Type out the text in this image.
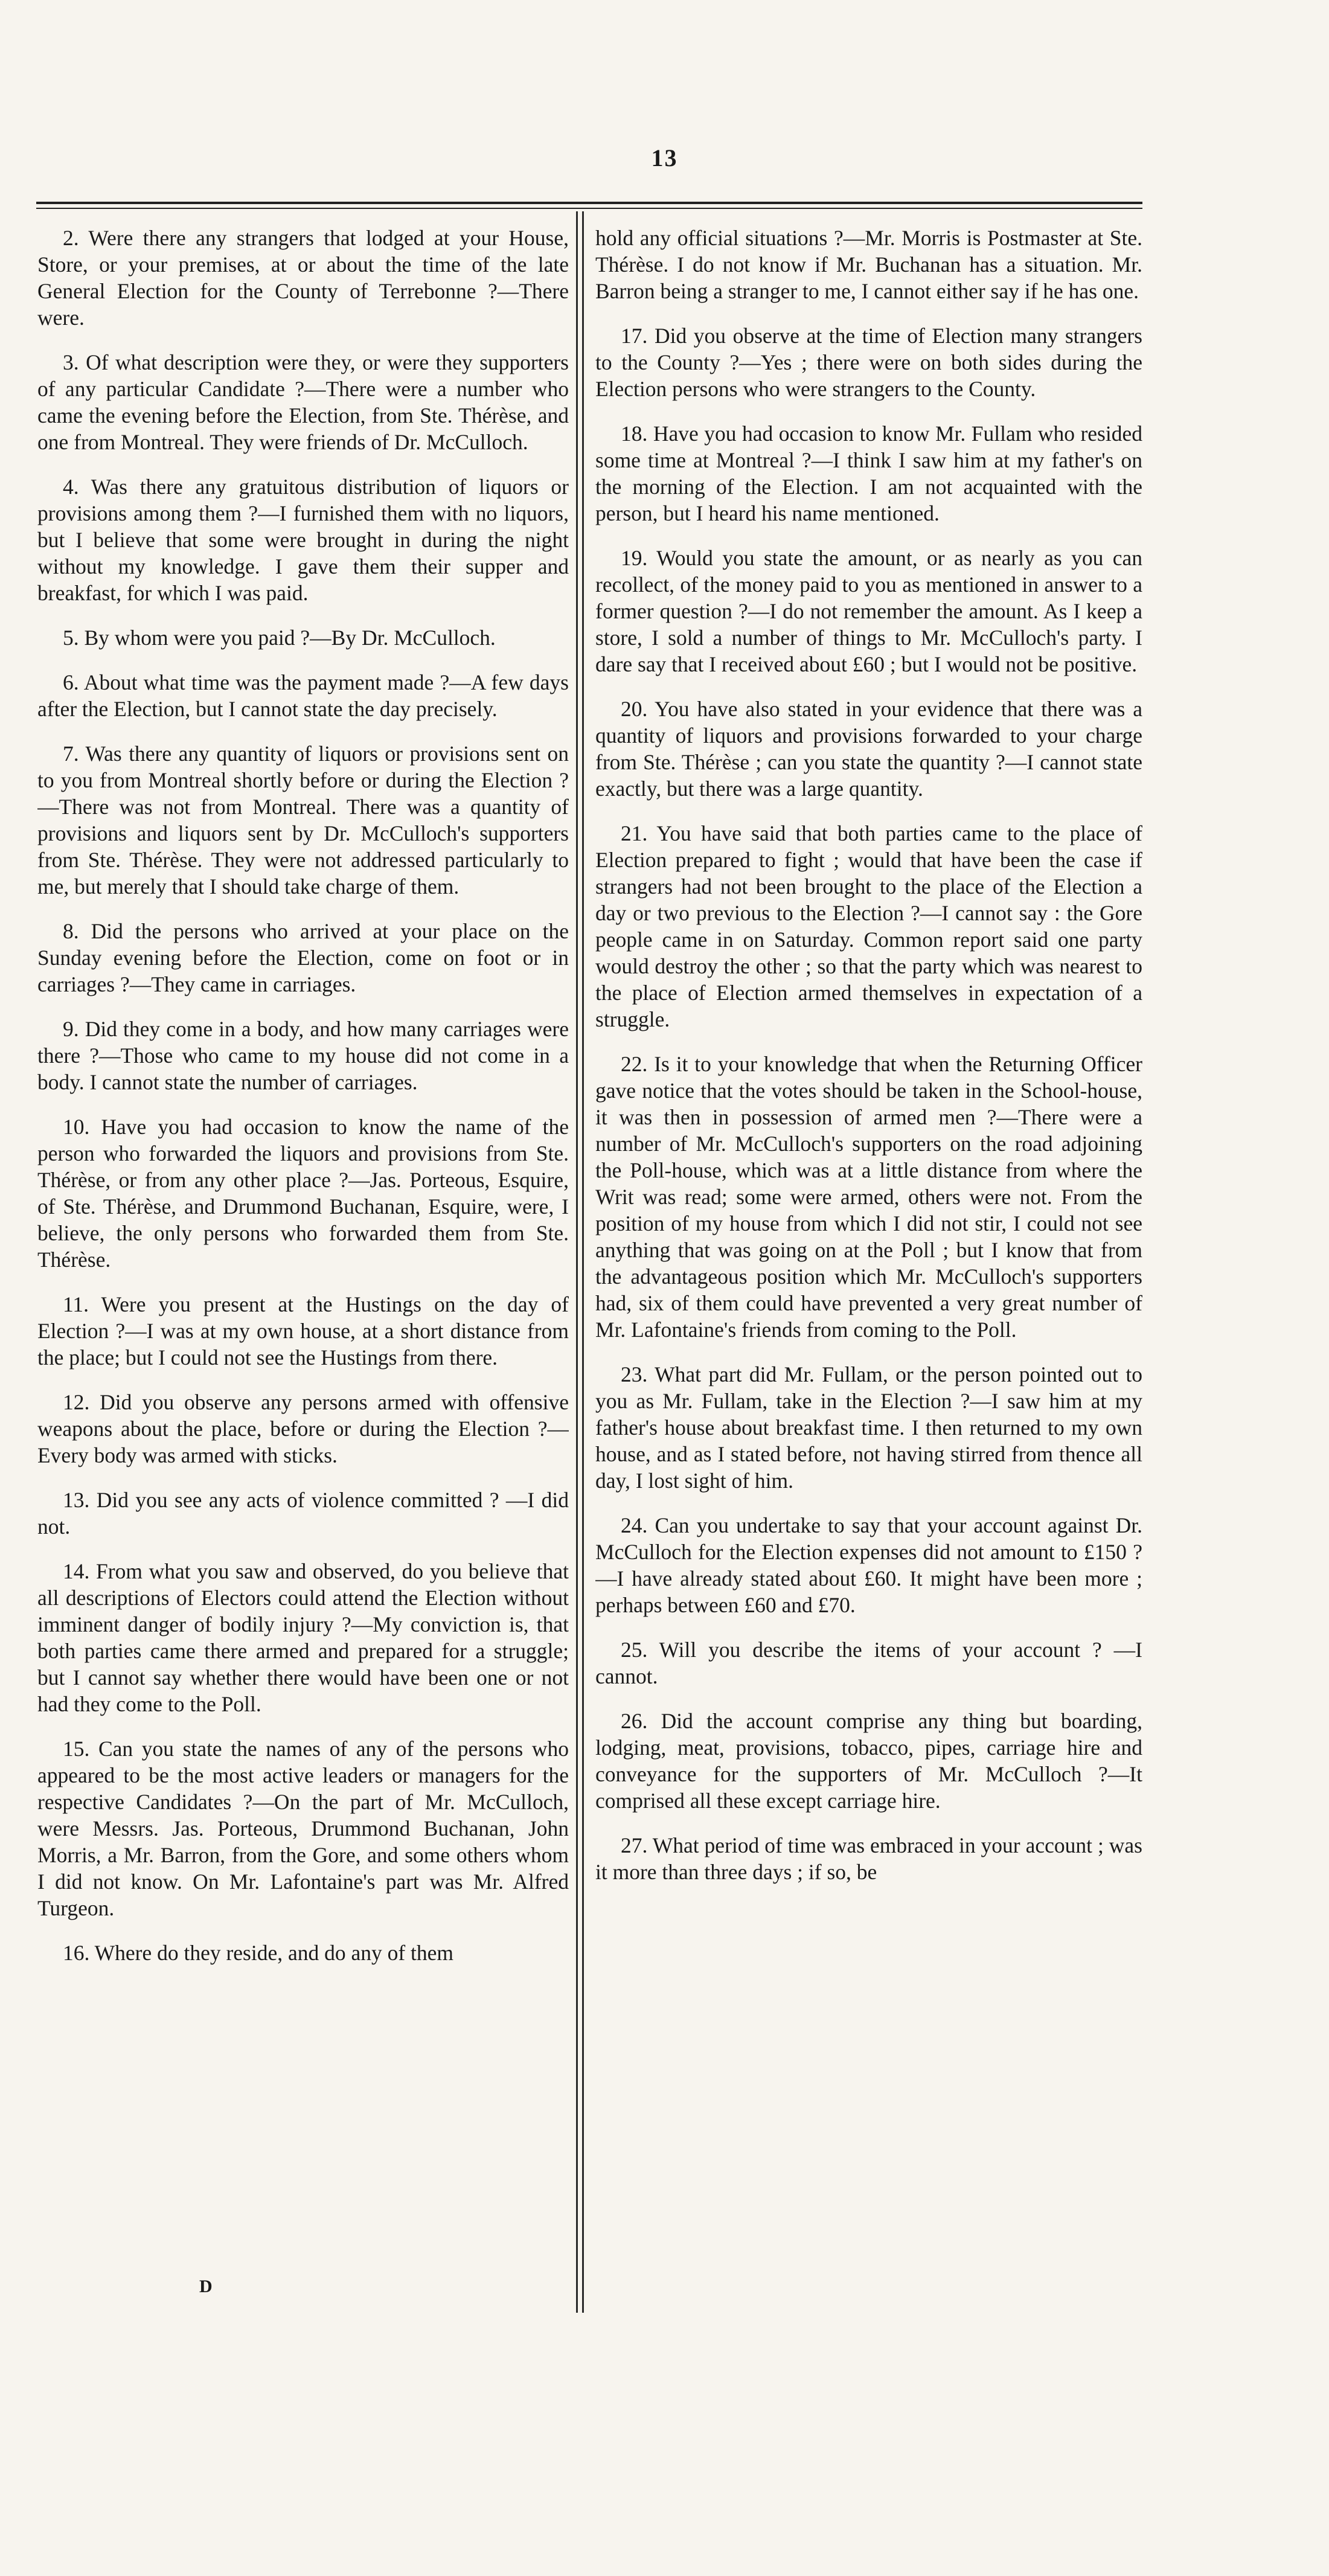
13

2. Were there any strangers that lodged at your House, Store, or your premises, at or about the time of the late General Election for the County of Terrebonne ?—There were.

3. Of what description were they, or were they supporters of any particular Candidate ?—There were a number who came the evening before the Election, from Ste. Thérèse, and one from Montreal. They were friends of Dr. McCulloch.

4. Was there any gratuitous distribution of liquors or provisions among them ?—I furnished them with no liquors, but I believe that some were brought in during the night without my knowledge. I gave them their supper and breakfast, for which I was paid.

5. By whom were you paid ?—By Dr. McCulloch.

6. About what time was the payment made ?—A few days after the Election, but I cannot state the day precisely.

7. Was there any quantity of liquors or provisions sent on to you from Montreal shortly before or during the Election ?—There was not from Montreal. There was a quantity of provisions and liquors sent by Dr. McCulloch's supporters from Ste. Thérèse. They were not addressed particularly to me, but merely that I should take charge of them.

8. Did the persons who arrived at your place on the Sunday evening before the Election, come on foot or in carriages ?—They came in carriages.

9. Did they come in a body, and how many carriages were there ?—Those who came to my house did not come in a body. I cannot state the number of carriages.

10. Have you had occasion to know the name of the person who forwarded the liquors and provisions from Ste. Thérèse, or from any other place ?—Jas. Porteous, Esquire, of Ste. Thérèse, and Drummond Buchanan, Esquire, were, I believe, the only persons who forwarded them from Ste. Thérèse.

11. Were you present at the Hustings on the day of Election ?—I was at my own house, at a short distance from the place; but I could not see the Hustings from there.

12. Did you observe any persons armed with offensive weapons about the place, before or during the Election ?—Every body was armed with sticks.

13. Did you see any acts of violence committed ? —I did not.

14. From what you saw and observed, do you believe that all descriptions of Electors could attend the Election without imminent danger of bodily injury ?—My conviction is, that both parties came there armed and prepared for a struggle; but I cannot say whether there would have been one or not had they come to the Poll.

15. Can you state the names of any of the persons who appeared to be the most active leaders or managers for the respective Candidates ?—On the part of Mr. McCulloch, were Messrs. Jas. Porteous, Drummond Buchanan, John Morris, a Mr. Barron, from the Gore, and some others whom I did not know. On Mr. Lafontaine's part was Mr. Alfred Turgeon.

16. Where do they reside, and do any of them

D

hold any official situations ?—Mr. Morris is Postmaster at Ste. Thérèse. I do not know if Mr. Buchanan has a situation. Mr. Barron being a stranger to me, I cannot either say if he has one.

17. Did you observe at the time of Election many strangers to the County ?—Yes ; there were on both sides during the Election persons who were strangers to the County.

18. Have you had occasion to know Mr. Fullam who resided some time at Montreal ?—I think I saw him at my father's on the morning of the Election. I am not acquainted with the person, but I heard his name mentioned.

19. Would you state the amount, or as nearly as you can recollect, of the money paid to you as mentioned in answer to a former question ?—I do not remember the amount. As I keep a store, I sold a number of things to Mr. McCulloch's party. I dare say that I received about £60 ; but I would not be positive.

20. You have also stated in your evidence that there was a quantity of liquors and provisions forwarded to your charge from Ste. Thérèse ; can you state the quantity ?—I cannot state exactly, but there was a large quantity.

21. You have said that both parties came to the place of Election prepared to fight ; would that have been the case if strangers had not been brought to the place of the Election a day or two previous to the Election ?—I cannot say : the Gore people came in on Saturday. Common report said one party would destroy the other ; so that the party which was nearest to the place of Election armed themselves in expectation of a struggle.

22. Is it to your knowledge that when the Returning Officer gave notice that the votes should be taken in the School-house, it was then in possession of armed men ?—There were a number of Mr. McCulloch's supporters on the road adjoining the Poll-house, which was at a little distance from where the Writ was read; some were armed, others were not. From the position of my house from which I did not stir, I could not see anything that was going on at the Poll ; but I know that from the advantageous position which Mr. McCulloch's supporters had, six of them could have prevented a very great number of Mr. Lafontaine's friends from coming to the Poll.

23. What part did Mr. Fullam, or the person pointed out to you as Mr. Fullam, take in the Election ?—I saw him at my father's house about breakfast time. I then returned to my own house, and as I stated before, not having stirred from thence all day, I lost sight of him.

24. Can you undertake to say that your account against Dr. McCulloch for the Election expenses did not amount to £150 ?—I have already stated about £60. It might have been more ; perhaps between £60 and £70.

25. Will you describe the items of your account ? —I cannot.

26. Did the account comprise any thing but boarding, lodging, meat, provisions, tobacco, pipes, carriage hire and conveyance for the supporters of Mr. McCulloch ?—It comprised all these except carriage hire.

27. What period of time was embraced in your account ; was it more than three days ; if so, be
